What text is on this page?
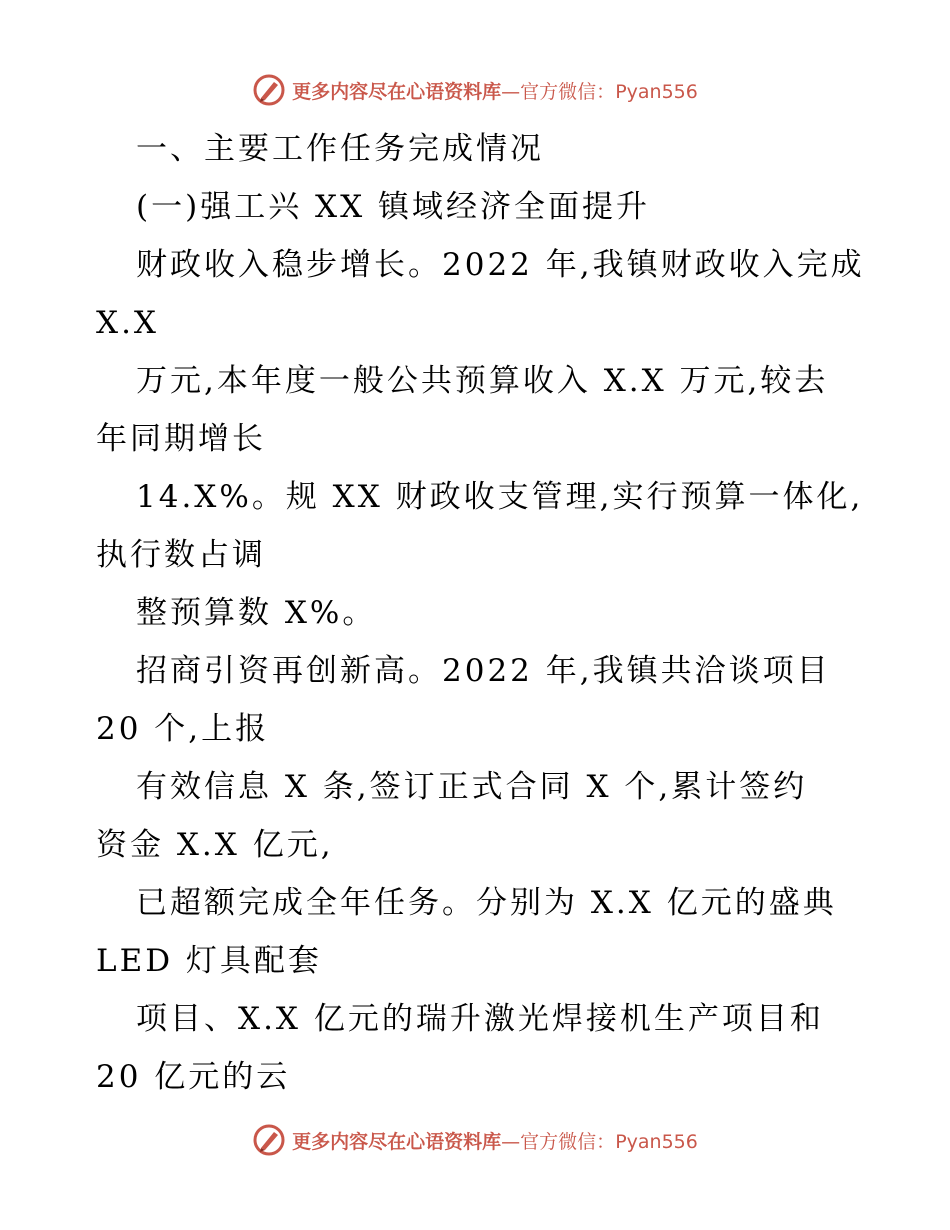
更多内容尽在心语资料库—官方微信：Pyan556
一、主要工作任务完成情况
(一)强工兴 XX 镇域经济全面提升
财政收入稳步增长。2022 年,我镇财政收入完成
X.X
万元,本年度一般公共预算收入 X.X 万元,较去
年同期增长
14.X%。规 XX 财政收支管理,实行预算一体化,
执行数占调
整预算数 X%。
招商引资再创新高。2022 年,我镇共洽谈项目
20 个,上报
有效信息 X 条,签订正式合同 X 个,累计签约
资金 X.X 亿元,
已超额完成全年任务。分别为 X.X 亿元的盛典
LED 灯具配套
项目、X.X 亿元的瑞升激光焊接机生产项目和
20 亿元的云
更多内容尽在心语资料库—官方微信：Pyan556
